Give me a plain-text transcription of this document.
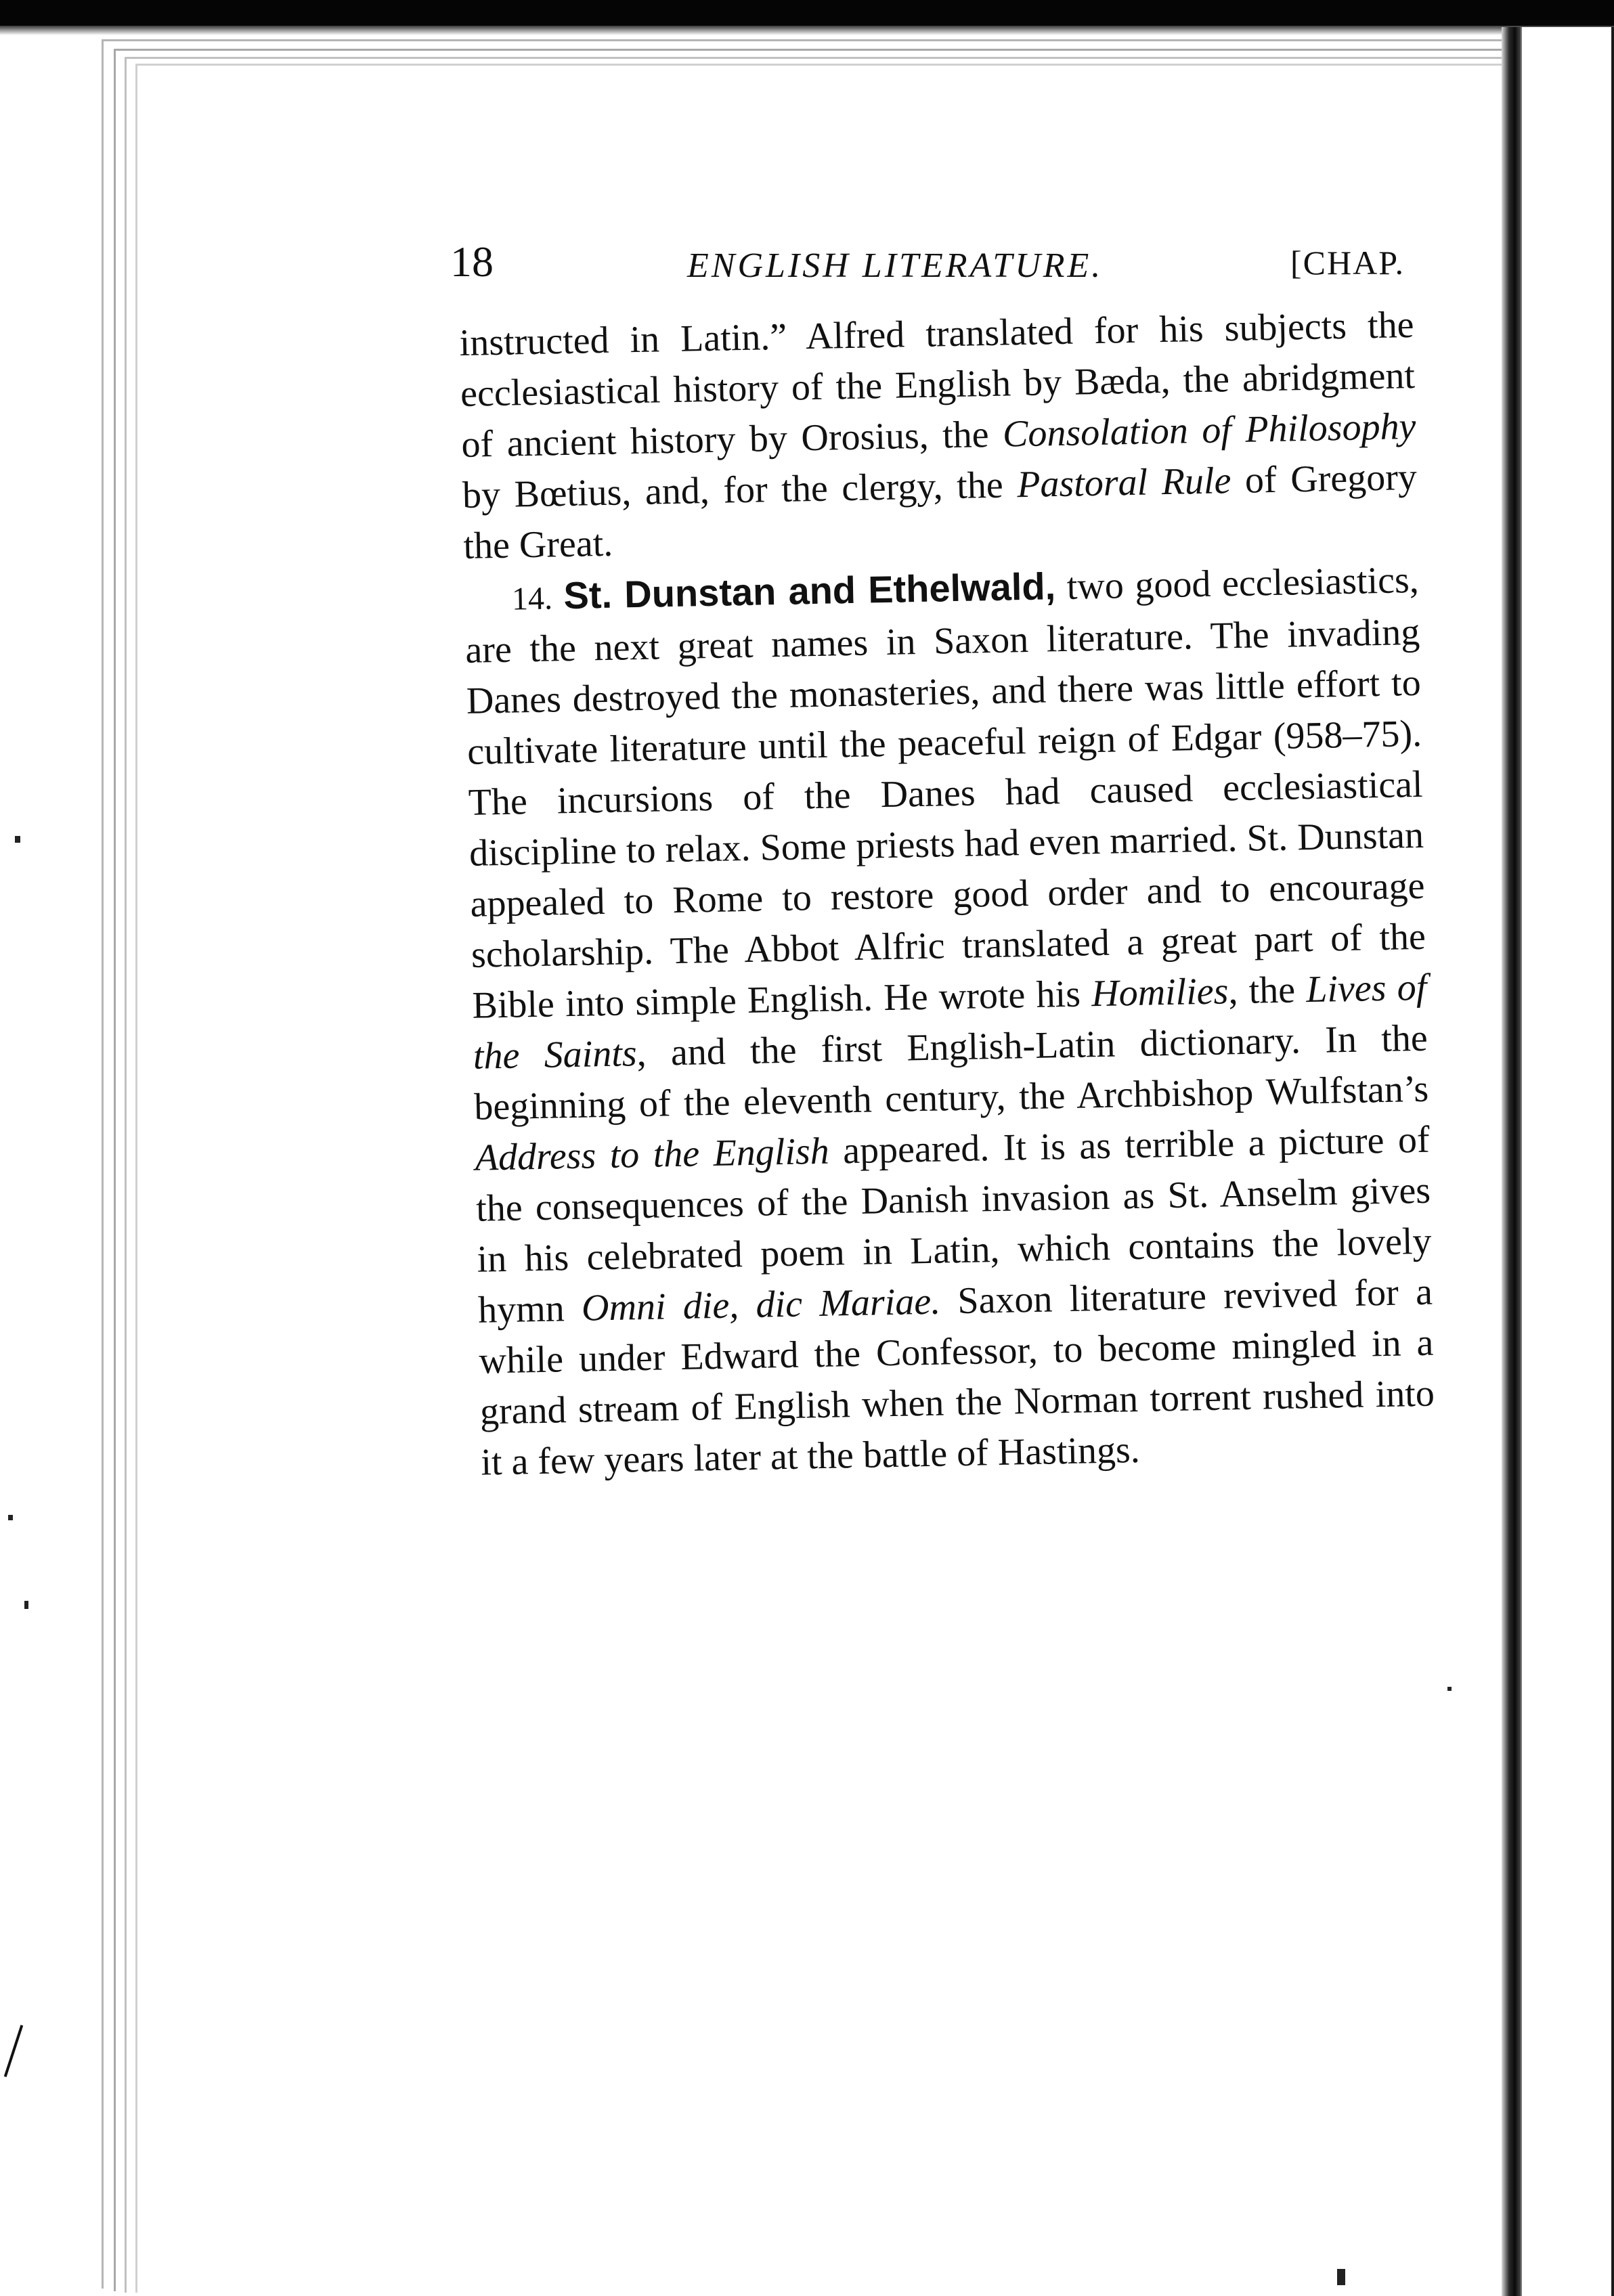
18	ENGLISH LITERATURE.	[CHAP.

instructed in Latin.” Alfred translated for his subjects the ecclesiastical history of the English by Bæda, the abridgment of ancient history by Orosius, the Consolation of Philosophy by Bœtius, and, for the clergy, the Pastoral Rule of Gregory the Great.

14. St. Dunstan and Ethelwald, two good ecclesiastics, are the next great names in Saxon literature. The invading Danes destroyed the monasteries, and there was little effort to cultivate literature until the peaceful reign of Edgar (958–75). The incursions of the Danes had caused ecclesiastical discipline to relax. Some priests had even married. St. Dunstan appealed to Rome to restore good order and to encourage scholarship. The Abbot Alfric translated a great part of the Bible into simple English. He wrote his Homilies, the Lives of the Saints, and the first English-Latin dictionary. In the beginning of the eleventh century, the Archbishop Wulfstan’s Address to the English appeared. It is as terrible a picture of the consequences of the Danish invasion as St. Anselm gives in his celebrated poem in Latin, which contains the lovely hymn Omni die, dic Mariae. Saxon literature revived for a while under Edward the Confessor, to become mingled in a grand stream of English when the Norman torrent rushed into it a few years later at the battle of Hastings.
